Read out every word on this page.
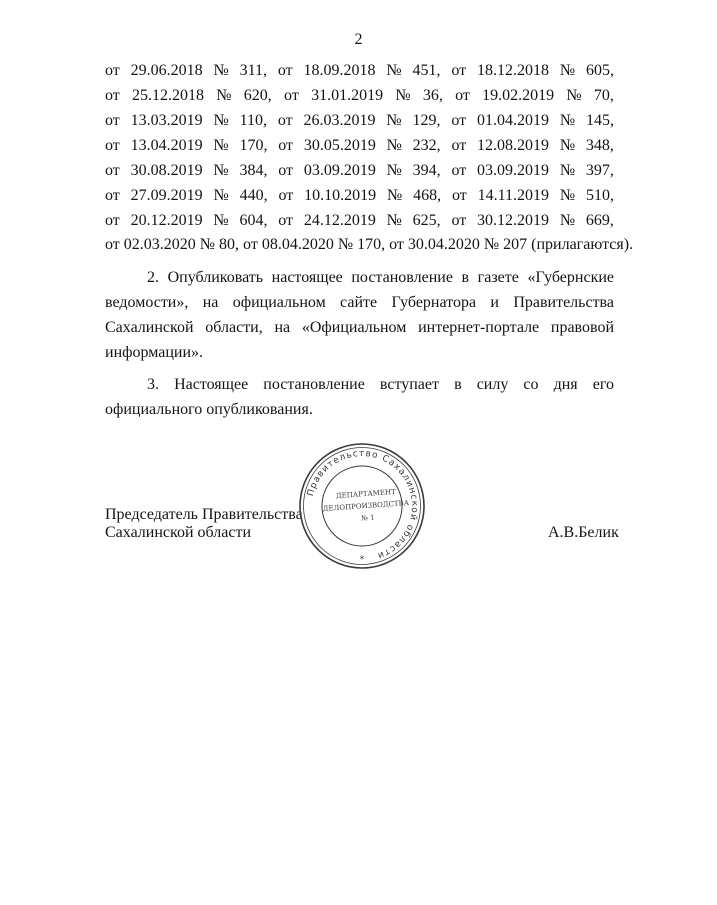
2
от 29.06.2018 № 311, от 18.09.2018 № 451, от 18.12.2018 № 605,
от 25.12.2018 № 620, от 31.01.2019 № 36, от 19.02.2019 № 70,
от 13.03.2019 № 110, от 26.03.2019 № 129, от 01.04.2019 № 145,
от 13.04.2019 № 170, от 30.05.2019 № 232, от 12.08.2019 № 348,
от 30.08.2019 № 384, от 03.09.2019 № 394, от 03.09.2019 № 397,
от 27.09.2019 № 440, от 10.10.2019 № 468, от 14.11.2019 № 510,
от 20.12.2019 № 604, от 24.12.2019 № 625, от 30.12.2019 № 669,
от 02.03.2020 № 80, от 08.04.2020 № 170, от 30.04.2020 № 207 (прилагаются).

2. Опубликовать настоящее постановление в газете «Губернские ведомости», на официальном сайте Губернатора и Правительства Сахалинской области, на «Официальном интернет-портале правовой информации».

3. Настоящее постановление вступает в силу со дня его официального опубликования.

Председатель Правительства
Сахалинской области	А.В.Белик
Правительство Сахалинской области
*
ДЕПАРТАМЕНТ
ДЕЛОПРОИЗВОДСТВА
№ 1
